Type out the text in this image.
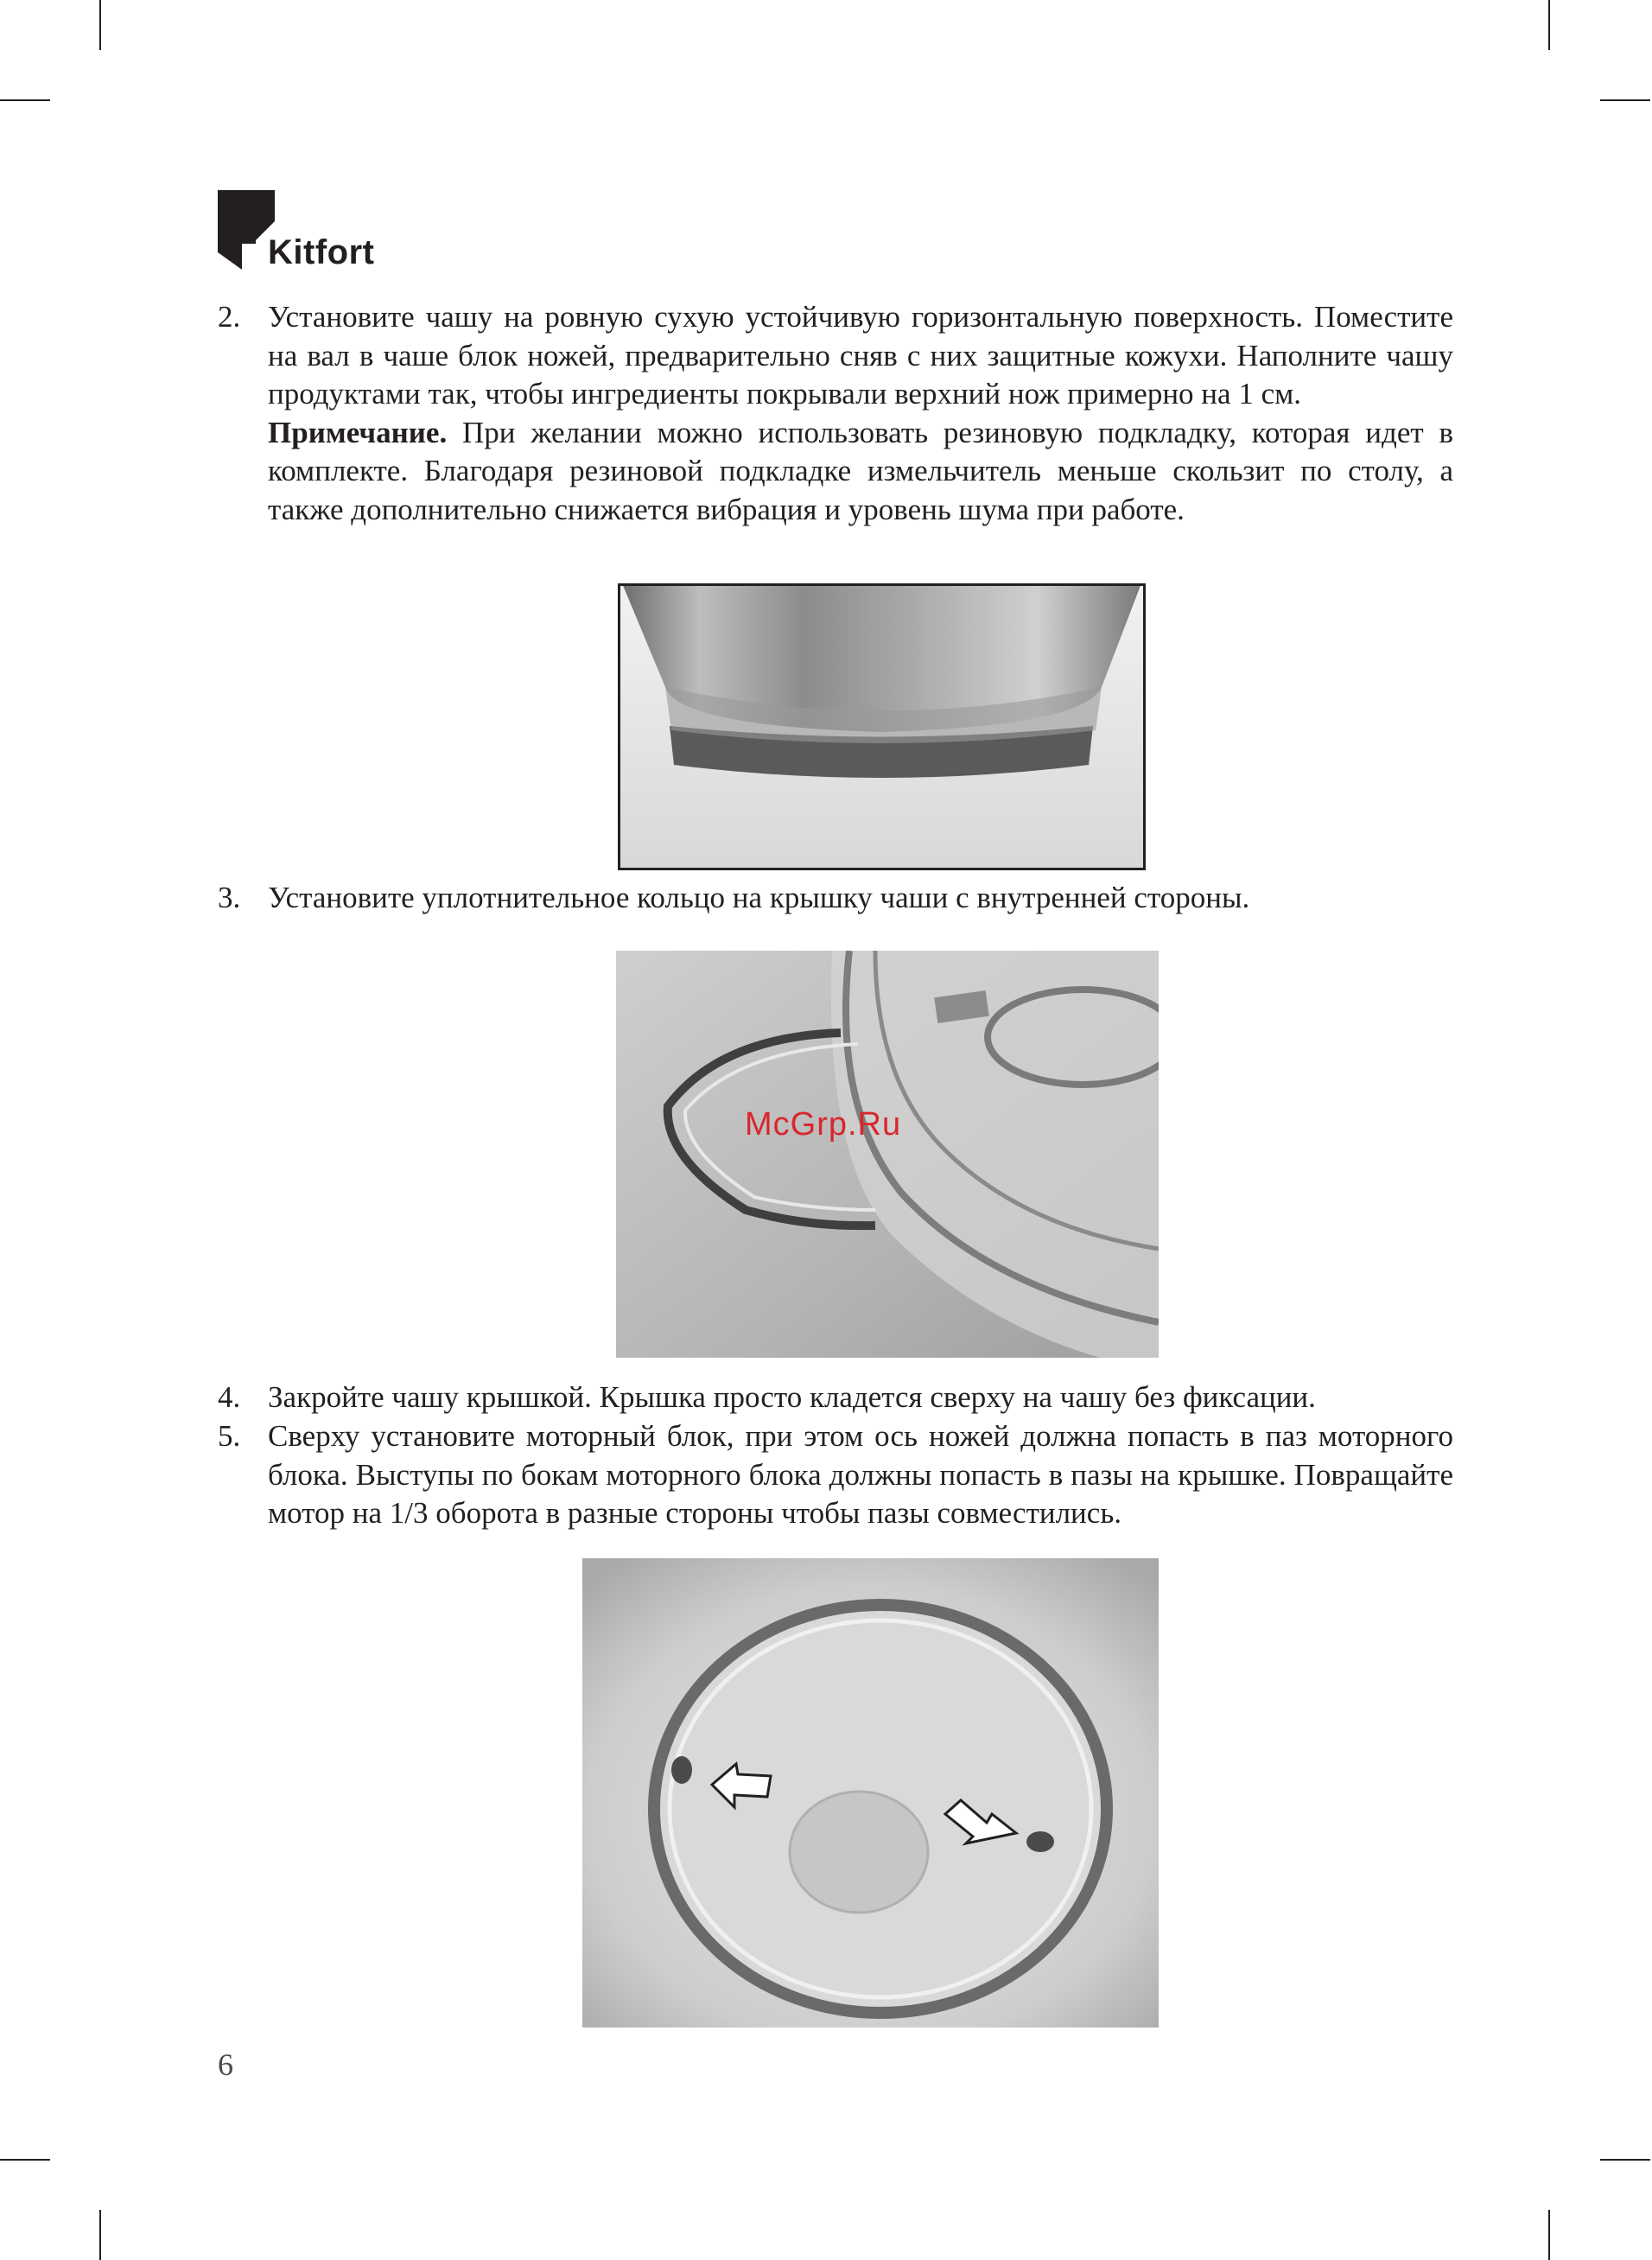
Kitfort
2. Установите чашу на ровную сухую устойчивую горизонтальную поверхность. Поместите на вал в чаше блок ножей, предварительно сняв с них защитные кожухи. Наполните чашу продуктами так, чтобы ингредиенты покрывали верхний нож примерно на 1 см.
Примечание. При желании можно использовать резиновую подкладку, которая идет в комплекте. Благодаря резиновой подкладке измельчитель меньше скользит по столу, а также дополнительно снижается вибрация и уровень шума при работе.
3. Установите уплотнительное кольцо на крышку чаши с внутренней стороны.
McGrp.Ru
4. Закройте чашу крышкой. Крышка просто кладется сверху на чашу без фиксации.
5. Сверху установите моторный блок, при этом ось ножей должна попасть в паз моторного блока. Выступы по бокам моторного блока должны попасть в пазы на крышке. Повращайте мотор на 1/3 оборота в разные стороны чтобы пазы совместились.
6
